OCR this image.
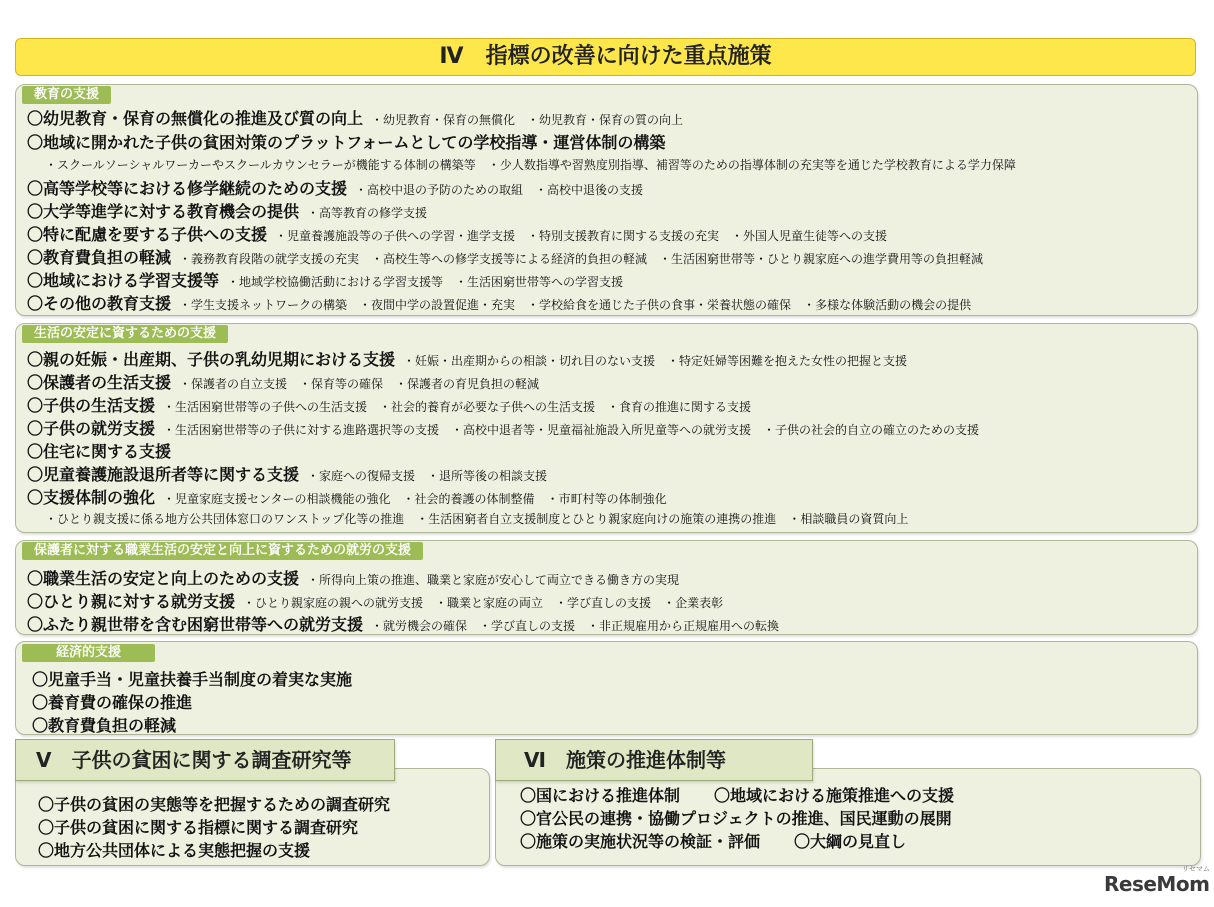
Ⅳ　指標の改善に向けた重点施策
教育の支援
〇幼児教育・保育の無償化の推進及び質の向上 ・幼児教育・保育の無償化 ・幼児教育・保育の質の向上
〇地域に開かれた子供の貧困対策のプラットフォームとしての学校指導・運営体制の構築
・スクールソーシャルワーカーやスクールカウンセラーが機能する体制の構築等 ・少人数指導や習熟度別指導、補習等のための指導体制の充実等を通じた学校教育による学力保障
〇高等学校等における修学継続のための支援 ・高校中退の予防のための取組 ・高校中退後の支援
〇大学等進学に対する教育機会の提供 ・高等教育の修学支援
〇特に配慮を要する子供への支援 ・児童養護施設等の子供への学習・進学支援 ・特別支援教育に関する支援の充実 ・外国人児童生徒等への支援
〇教育費負担の軽減 ・義務教育段階の就学支援の充実 ・高校生等への修学支援等による経済的負担の軽減 ・生活困窮世帯等・ひとり親家庭への進学費用等の負担軽減
〇地域における学習支援等 ・地域学校協働活動における学習支援等 ・生活困窮世帯等への学習支援
〇その他の教育支援 ・学生支援ネットワークの構築 ・夜間中学の設置促進・充実 ・学校給食を通じた子供の食事・栄養状態の確保 ・多様な体験活動の機会の提供
生活の安定に資するための支援
〇親の妊娠・出産期、子供の乳幼児期における支援 ・妊娠・出産期からの相談・切れ目のない支援 ・特定妊婦等困難を抱えた女性の把握と支援
〇保護者の生活支援 ・保護者の自立支援 ・保育等の確保 ・保護者の育児負担の軽減
〇子供の生活支援 ・生活困窮世帯等の子供への生活支援 ・社会的養育が必要な子供への生活支援 ・食育の推進に関する支援
〇子供の就労支援 ・生活困窮世帯等の子供に対する進路選択等の支援 ・高校中退者等・児童福祉施設入所児童等への就労支援 ・子供の社会的自立の確立のための支援
〇住宅に関する支援
〇児童養護施設退所者等に関する支援 ・家庭への復帰支援 ・退所等後の相談支援
〇支援体制の強化 ・児童家庭支援センターの相談機能の強化 ・社会的養護の体制整備 ・市町村等の体制強化
・ひとり親支援に係る地方公共団体窓口のワンストップ化等の推進 ・生活困窮者自立支援制度とひとり親家庭向けの施策の連携の推進 ・相談職員の資質向上
保護者に対する職業生活の安定と向上に資するための就労の支援
〇職業生活の安定と向上のための支援 ・所得向上策の推進、職業と家庭が安心して両立できる働き方の実現
〇ひとり親に対する就労支援 ・ひとり親家庭の親への就労支援 ・職業と家庭の両立 ・学び直しの支援 ・企業表彰
〇ふたり親世帯を含む困窮世帯等への就労支援 ・就労機会の確保 ・学び直しの支援 ・非正規雇用から正規雇用への転換
経済的支援
〇児童手当・児童扶養手当制度の着実な実施
〇養育費の確保の推進
〇教育費負担の軽減
Ⅴ　子供の貧困に関する調査研究等
〇子供の貧困の実態等を把握するための調査研究
〇子供の貧困に関する指標に関する調査研究
〇地方公共団体による実態把握の支援
Ⅵ　施策の推進体制等
〇国における推進体制 〇地域における施策推進への支援
〇官公民の連携・協働プロジェクトの推進、国民運動の展開
〇施策の実施状況等の検証・評価 〇大綱の見直し
ReseMom
リセマム
